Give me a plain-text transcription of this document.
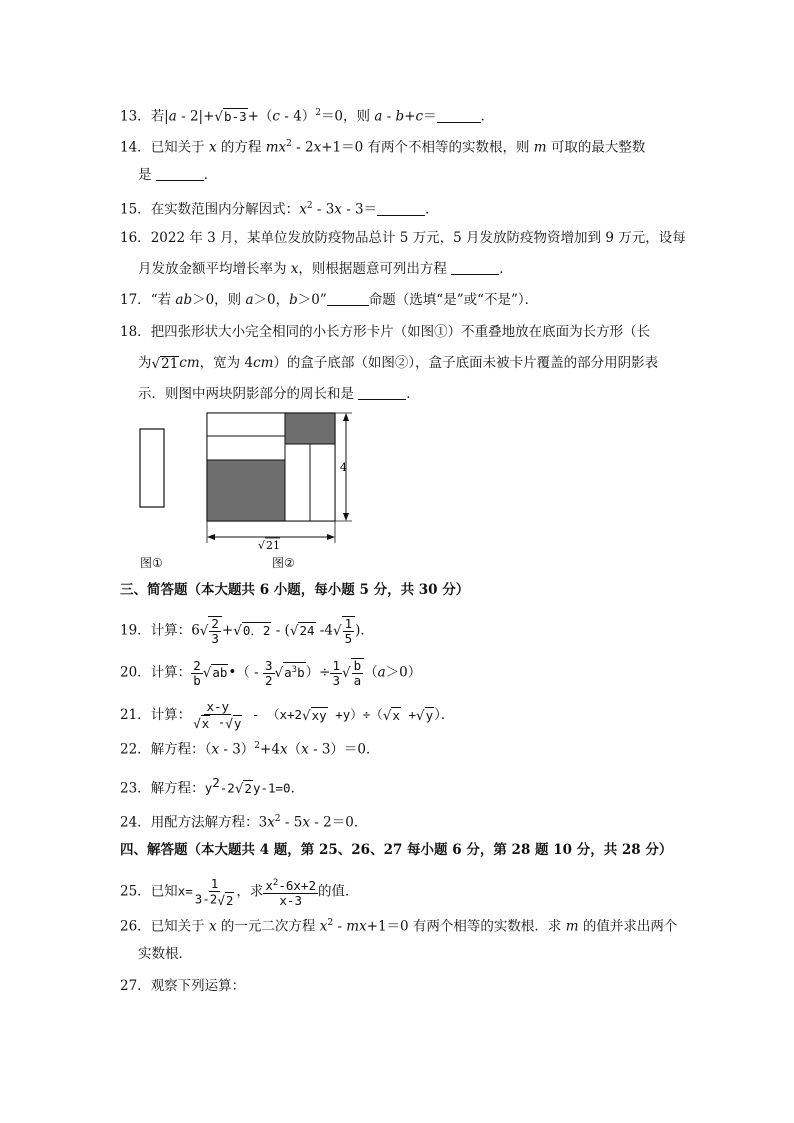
13．若|a - 2|+√b-3+（c - 4）$^2$＝0，则 a - b+c＝	．
14．已知关于 x 的方程 $mx^2 - 2x+1=0$ 有两个不相等的实数根，则 m 可取的最大整数
是	．
15．在实数范围内分解因式：$x^2 - 3x - 3=$	．
16．2022 年 3 月，某单位发放防疫物品总计 5 万元，5 月发放防疫物资增加到 9 万元，设每
月发放金额平均增长率为 x，则根据题意可列出方程	．
17．“若 ab＞0，则 a＞0，b＞0”	命题（选填“是”或“不是”）．
18．把四张形状大小完全相同的小长方形卡片（如图①）不重叠地放在底面为长方形（长
为√21cm，宽为 4cm）的盒子底部（如图②），盒子底面未被卡片覆盖的部分用阴影表
示．则图中两块阴影部分的周长和是	．
4
√ 21
图①	图②
三、简答题（本大题共 6 小题，每小题 5 分，共 30 分）
19．计算：$6√ \frac{2}{3} +√0$．2 - (√24 $-4√ \frac{1}{5}$ )．
20．计算： $\frac{2}{b}$ √ab•（ - $\frac{3}{2} √a^3b)\div \frac{1}{3}$ √ $\frac{b}{a} (a>0)$
21．计算： $\frac{x-y}{√x -√y} - (x+2√xy +y)\div(√x +√y)$．
22．解方程：（x - 3）$^2$+4x（x - 3）＝0．
23．解方程：$y^2-2√2y-1=0$．
24．用配方法解方程：$3x^2 - 5x - 2=0$．
四、解答题（本大题共 4 题，第 25、26、27 每小题 6 分，第 28 题 10 分，共 28 分）
25．已知$x= \frac{1}{3-2√2}$ ，求 $\frac{x^2-6x+2}{x-3}$ 的值．
26．已知关于 x 的一元二次方程 $x^2 - mx+1=0$ 有两个相等的实数根．求 m 的值并求出两个
实数根．
27．观察下列运算：
